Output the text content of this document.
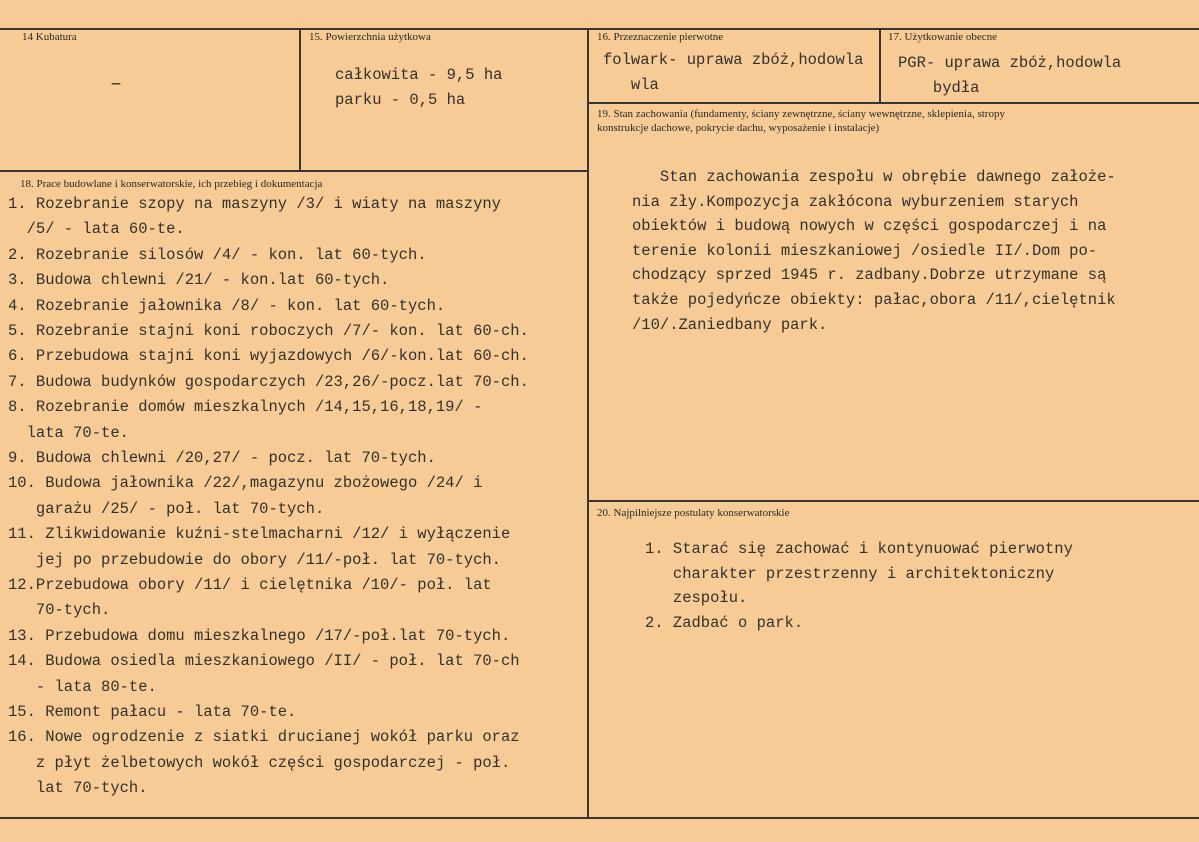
14 Kubatura
–
15. Powierzchnia użytkowa
całkowita - 9,5 ha
parku - 0,5 ha
16. Przeznaczenie pierwotne
folwark- uprawa zbóż,hodowla
wla
17. Użytkowanie obecne
PGR- uprawa zbóż,hodowla
bydła
18. Prace budowlane i konserwatorskie, ich przebieg i dokumentacja
1. Rozebranie szopy na maszyny /3/ i wiaty na maszyny
/5/ - lata 60-te.
2. Rozebranie silosów /4/ - kon. lat 60-tych.
3. Budowa chlewni /21/ - kon.lat 60-tych.
4. Rozebranie jałownika /8/ - kon. lat 60-tych.
5. Rozebranie stajni koni roboczych /7/- kon. lat 60-ch.
6. Przebudowa stajni koni wyjazdowych /6/-kon.lat 60-ch.
7. Budowa budynków gospodarczych /23,26/-pocz.lat 70-ch.
8. Rozebranie domów mieszkalnych /14,15,16,18,19/ -
lata 70-te.
9. Budowa chlewni /20,27/ - pocz. lat 70-tych.
10. Budowa jałownika /22/,magazynu zbożowego /24/ i
garażu /25/ - poł. lat 70-tych.
11. Zlikwidowanie kuźni-stelmacharni /12/ i wyłączenie
jej po przebudowie do obory /11/-poł. lat 70-tych.
12.Przebudowa obory /11/ i cielętnika /10/- poł. lat
70-tych.
13. Przebudowa domu mieszkalnego /17/-poł.lat 70-tych.
14. Budowa osiedla mieszkaniowego /II/ - poł. lat 70-ch
- lata 80-te.
15. Remont pałacu - lata 70-te.
16. Nowe ogrodzenie z siatki drucianej wokół parku oraz
z płyt żelbetowych wokół części gospodarczej - poł.
lat 70-tych.
19. Stan zachowania (fundamenty, ściany zewnętrzne, ściany wewnętrzne, sklepienia, stropy
konstrukcje dachowe, pokrycie dachu, wyposażenie i instalacje)
Stan zachowania zespołu w obrębie dawnego założe-
nia zły.Kompozycja zakłócona wyburzeniem starych
obiektów i budową nowych w części gospodarczej i na
terenie kolonii mieszkaniowej /osiedle II/.Dom po-
chodzący sprzed 1945 r. zadbany.Dobrze utrzymane są
także pojedyńcze obiekty: pałac,obora /11/,cielętnik
/10/.Zaniedbany park.
20. Najpilniejsze postulaty konserwatorskie
1. Starać się zachować i kontynuować pierwotny
charakter przestrzenny i architektoniczny
zespołu.
2. Zadbać o park.
